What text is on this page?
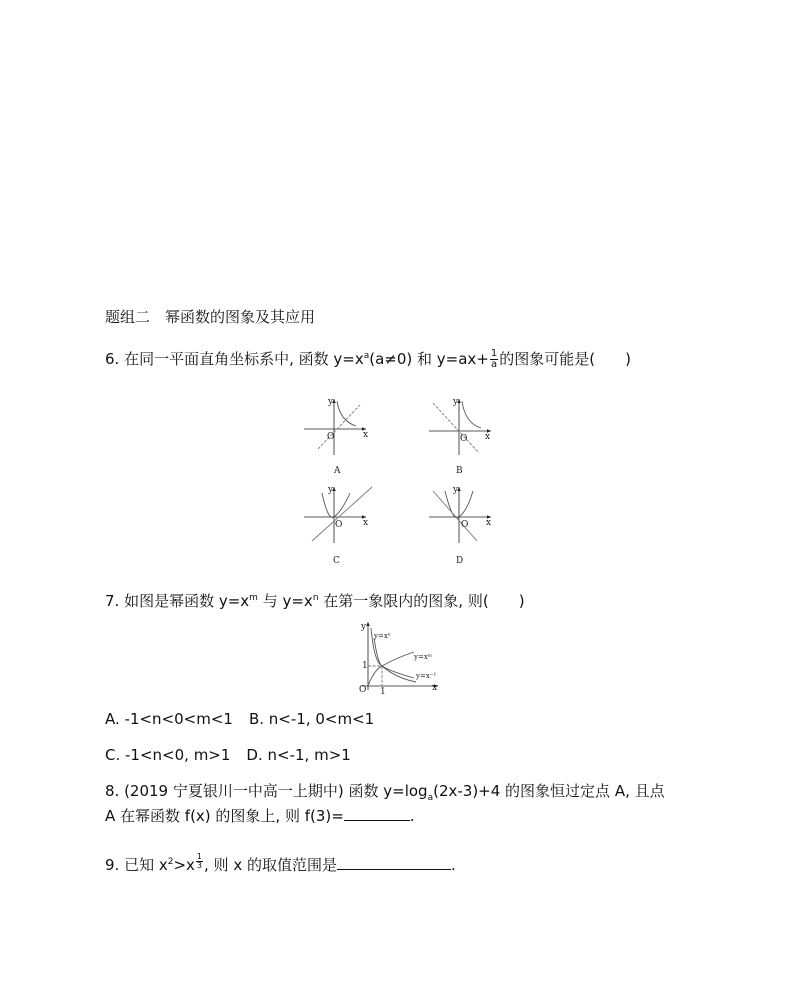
题组二　幂函数的图象及其应用
6. 在同一平面直角坐标系中, 函数 $y=x^a(a\ne 0)$ 和 $y=ax+ \frac{1}{a}$ 的图象可能是(　　)
y
x
O
A
y
x
O
B
y
x
O
C
y
x
O
D
7. 如图是幂函数 $y=x^m$ 与 $y=x^n$ 在第一象限内的图象, 则(　　)
y
x
O
1
1
y=xⁿ
y=xᵐ
y=x⁻¹
A. -1<n<0<m<1 B. n<-1, 0<m<1
C. -1<n<0, m>1 D. n<-1, m>1
8. (2019 宁夏银川一中高一上期中) 函数 $y=\log_a(2x-3)+4$ 的图象恒过定点 A, 且点
A 在幂函数 f(x) 的图象上, 则 f(3)=	.
9. 已知 $x^2>x$ $^{\frac{1}{3}}$ , 则 x 的取值范围是	.
